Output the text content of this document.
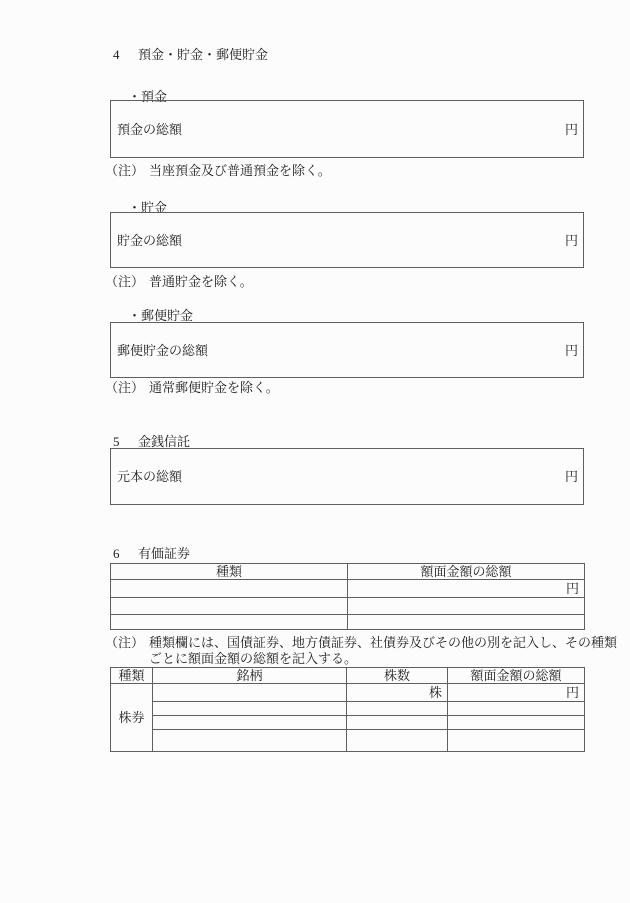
4	預金・貯金・郵便貯金
・預金
預金の総額	円
（注） 当座預金及び普通預金を除く。
・貯金
貯金の総額	円
（注） 普通貯金を除く。
・郵便貯金
郵便貯金の総額	円
（注） 通常郵便貯金を除く。
5	金銭信託
元本の総額	円
6	有価証券
種類	額面金額の総額
	円

（注） 種類欄には、国債証券、地方債証券、社債券及びその他の別を記入し、その種類
ごとに額面金額の総額を記入する。
種類	銘柄	株数	額面金額の総額
株券		株	円
